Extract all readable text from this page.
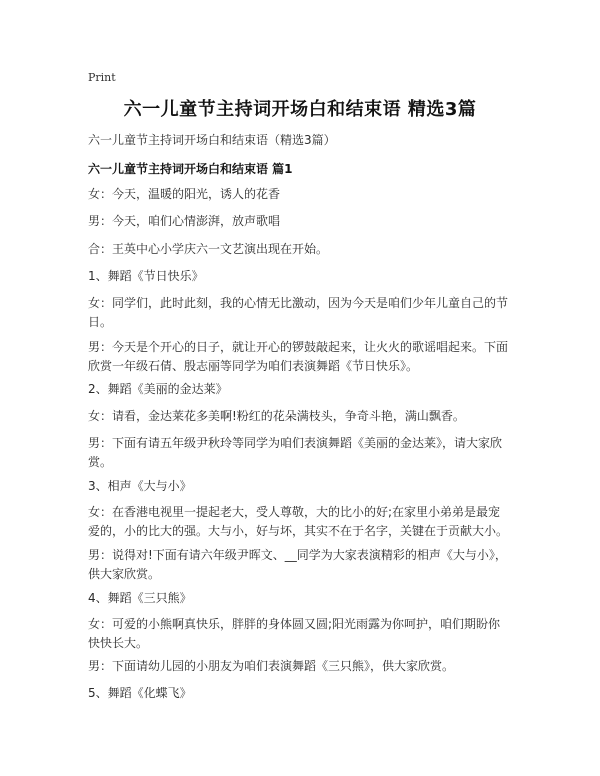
Print
六一儿童节主持词开场白和结束语 精选3篇
六一儿童节主持词开场白和结束语（精选3篇）
六一儿童节主持词开场白和结束语 篇1
女：今天，温暖的阳光，诱人的花香
男：今天，咱们心情澎湃，放声歌唱
合：王英中心小学庆六一文艺演出现在开始。
1、舞蹈《节日快乐》
女：同学们，此时此刻，我的心情无比激动，因为今天是咱们少年儿童自己的节日。
男：今天是个开心的日子，就让开心的锣鼓敲起来，让火火的歌谣唱起来。下面欣赏一年级石倩、殷志丽等同学为咱们表演舞蹈《节日快乐》。
2、舞蹈《美丽的金达莱》
女：请看，金达莱花多美啊!粉红的花朵满枝头，争奇斗艳，满山飘香。
男：下面有请五年级尹秋玲等同学为咱们表演舞蹈《美丽的金达莱》，请大家欣赏。
3、相声《大与小》
女：在香港电视里一提起老大，受人尊敬，大的比小的好;在家里小弟弟是最宠爱的，小的比大的强。大与小，好与坏，其实不在于名字，关键在于贡献大小。
男：说得对!下面有请六年级尹晖文、__同学为大家表演精彩的相声《大与小》，供大家欣赏。
4、舞蹈《三只熊》
女：可爱的小熊啊真快乐，胖胖的身体圆又圆;阳光雨露为你呵护，咱们期盼你快快长大。
男：下面请幼儿园的小朋友为咱们表演舞蹈《三只熊》，供大家欣赏。
5、舞蹈《化蝶飞》
